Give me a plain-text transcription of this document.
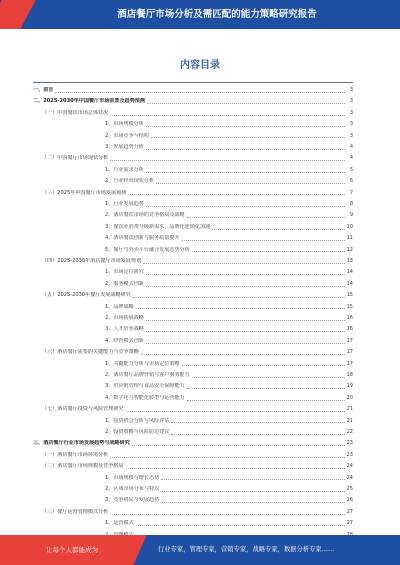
酒店餐厅市场分析及需匹配的能力策略研究报告
内容目录
一、前言	3
二、2025-2030年中国餐厅市场前景及趋势预测	3
（一）中国餐饮市场总体状况	3
1、市场规模分析	3
2、市场竞争与结构	3
3、发展趋势分析	4
（二）中国餐厅市场现状分析	4
1、行业需求分析	5
2、行业经营现状分析	6
（三）2025年中国餐厅市场发展预测	7
1、行业发展趋势	8
2、酒店餐饮市场的竞争格局及战略	9
3、餐饮业消费升级新需求，品牌化连锁化加速	10
4、酒店餐饮创新与服务质量提升	11
5、餐厅与外卖平台融合发展态势分析	12
（四）2025-2030年酒店餐厅市场发展规划	13
1、市场定位研究	14
2、服务模式创新	14
（五）2025-2030年餐厅发展战略研究	15
1、品牌战略	15
2、市场拓展战略	16
3、人才培养战略	16
4、经营模式创新	17
（六）酒店餐厅需要的关键能力与竞争策略	17
1、关键能力分析与市场定位策略	17
2、酒店餐厅品牌营销与客户服务能力	18
3、供应链管理与食品安全保障能力	19
4、数字化与智能化转型与运营能力	20
（七）酒店餐厅投资与风险管理研究	21
1、投资机会分析与风险评估	21
2、投资策略与风险防范建议	22
三、酒店餐厅行业市场发展趋势与战略研究	23
（一）酒店餐厅市场环境分析	23
（二）酒店餐厅市场规模及竞争格局	24
1、市场规模与增长态势	24
2、区域市场分布与特点	25
3、竞争格局与发展趋势	26
（三）餐厅运营管理模式分析	27
1、运营模式	27
让每个人都能成为	行业专家，管理专家，营销专家，战略专家，数据分析专家……
